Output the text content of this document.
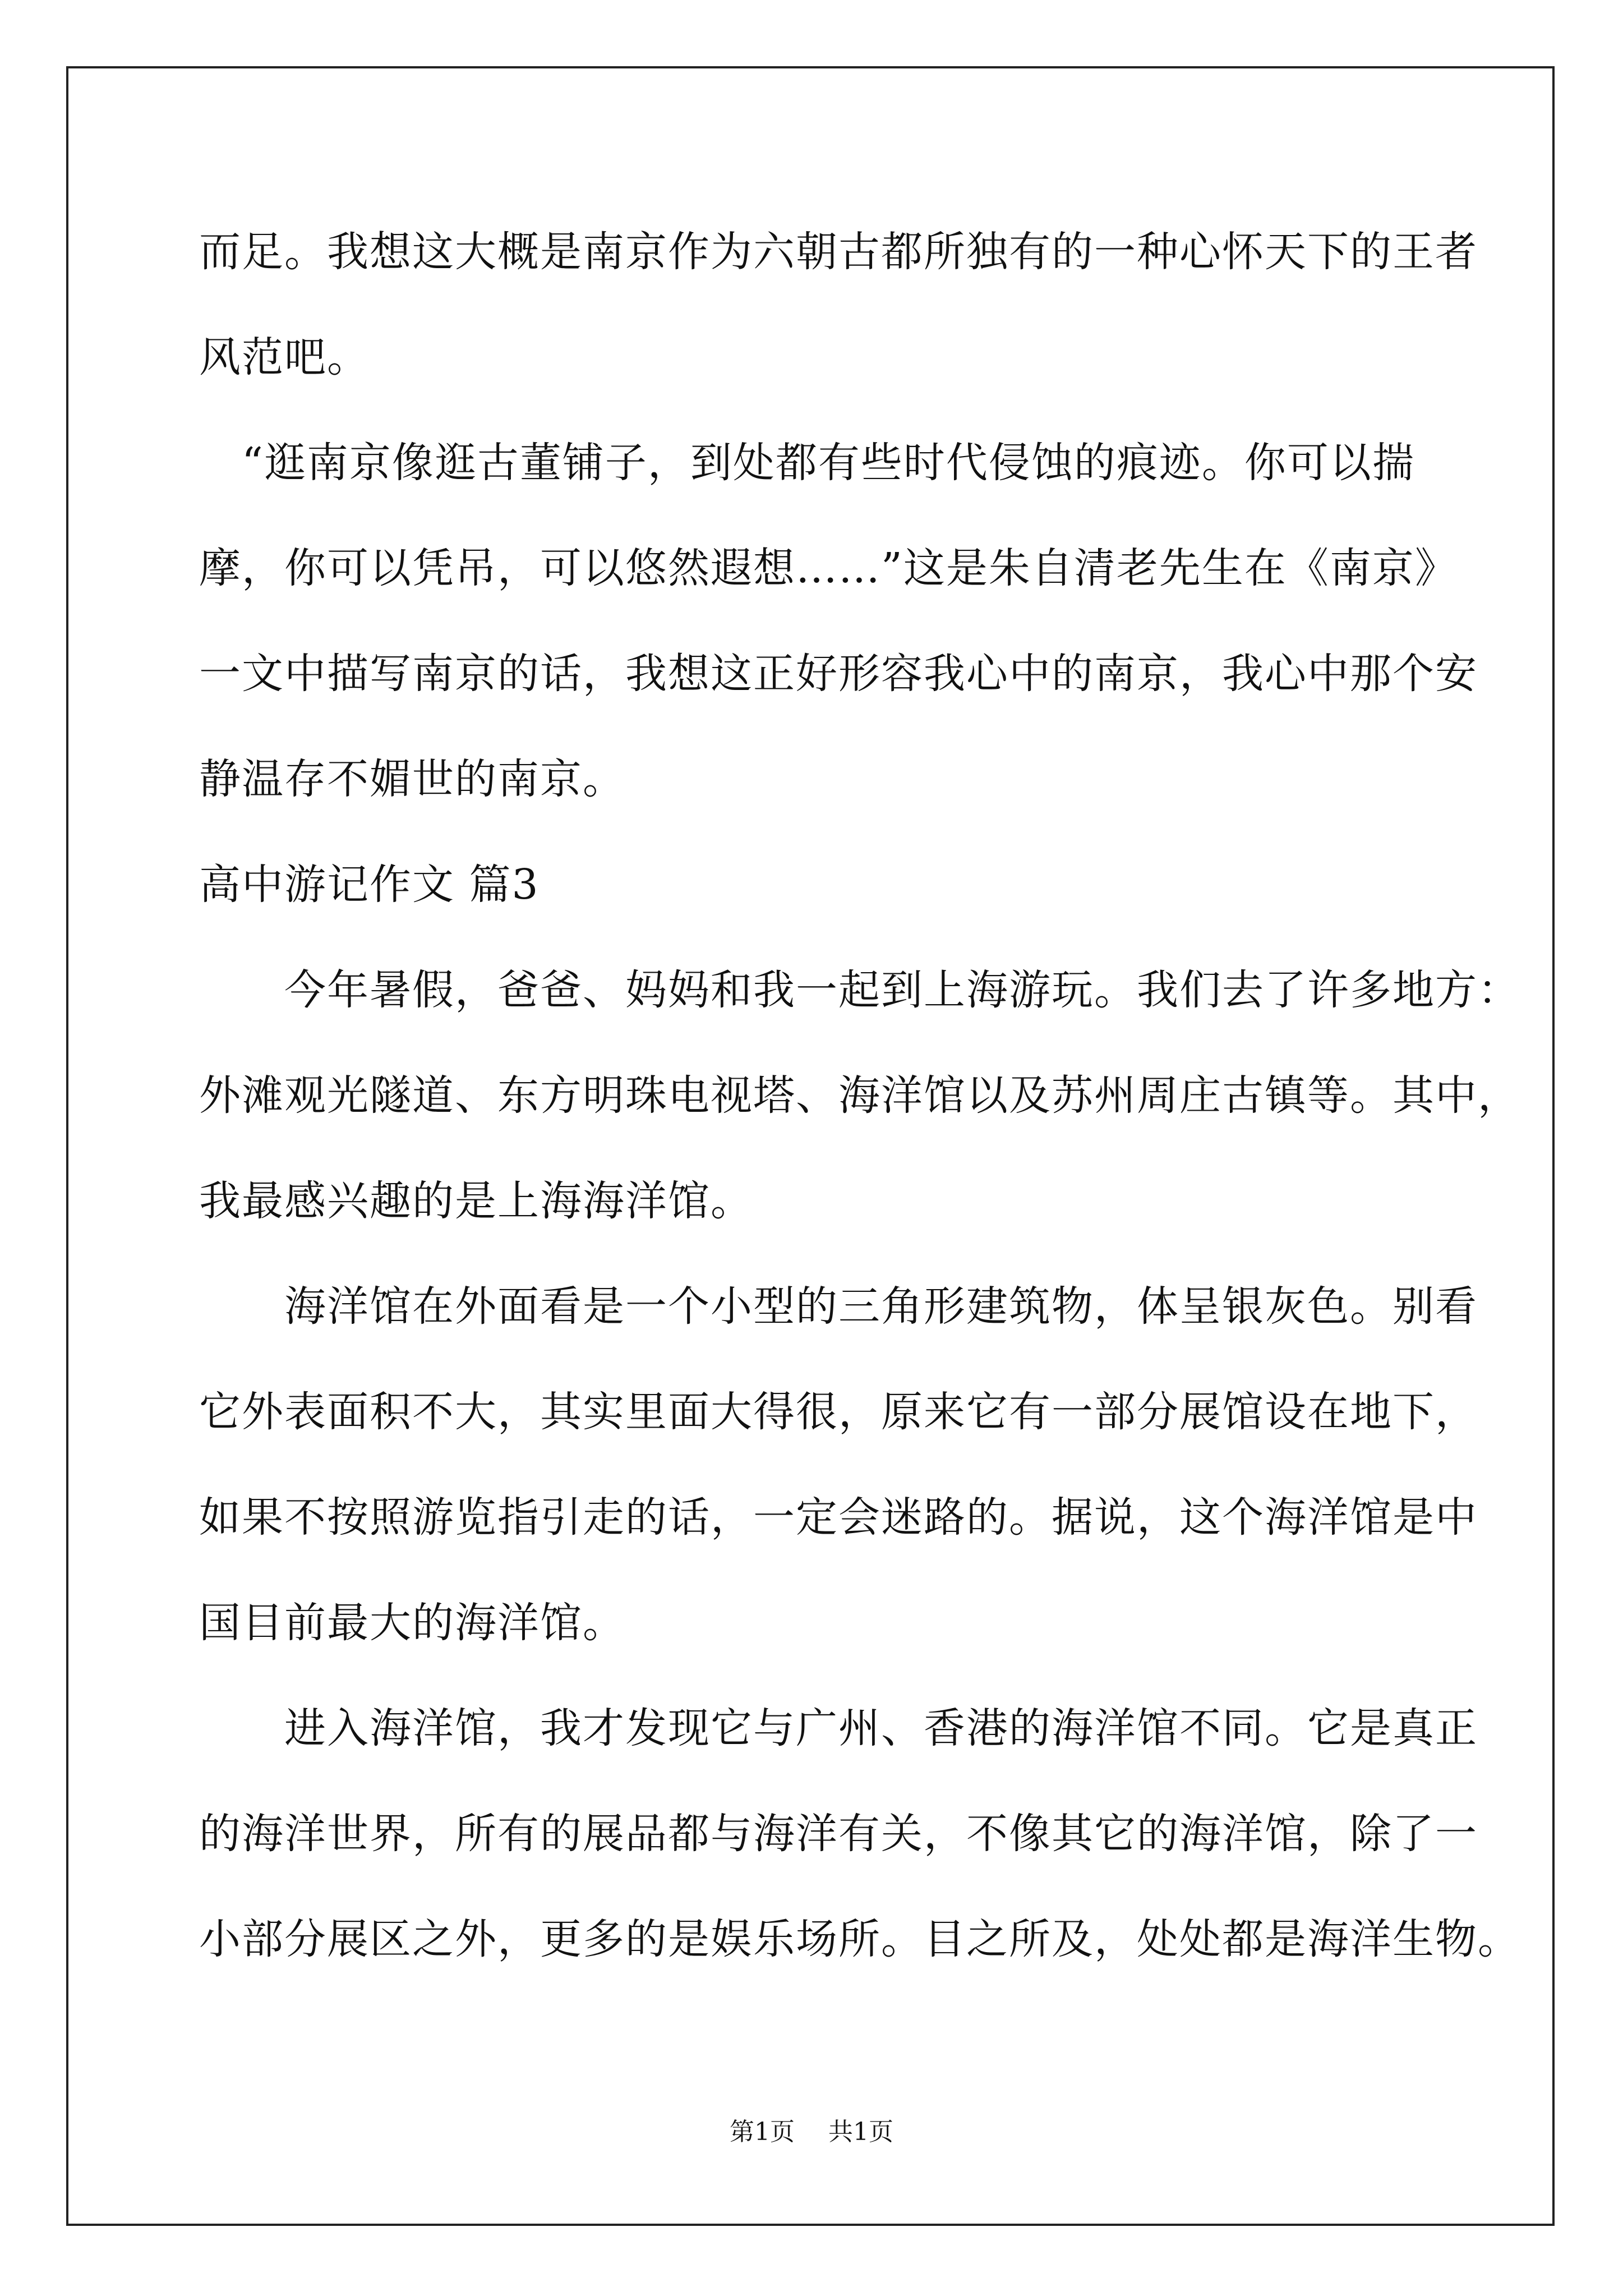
而足。我想这大概是南京作为六朝古都所独有的一种心怀天下的王者
风范吧。
　“逛南京像逛古董铺子，到处都有些时代侵蚀的痕迹。你可以揣
摩，你可以凭吊，可以悠然遐想……”这是朱自清老先生在《南京》
一文中描写南京的话，我想这正好形容我心中的南京，我心中那个安
静温存不媚世的南京。
高中游记作文 篇3
　　今年暑假，爸爸、妈妈和我一起到上海游玩。我们去了许多地方：
外滩观光隧道、东方明珠电视塔、海洋馆以及苏州周庄古镇等。其中，
我最感兴趣的是上海海洋馆。
　　海洋馆在外面看是一个小型的三角形建筑物，体呈银灰色。别看
它外表面积不大，其实里面大得很，原来它有一部分展馆设在地下，
如果不按照游览指引走的话，一定会迷路的。据说，这个海洋馆是中
国目前最大的海洋馆。
　　进入海洋馆，我才发现它与广州、香港的海洋馆不同。它是真正
的海洋世界，所有的展品都与海洋有关，不像其它的海洋馆，除了一
小部分展区之外，更多的是娱乐场所。目之所及，处处都是海洋生物。
第1页 共1页
